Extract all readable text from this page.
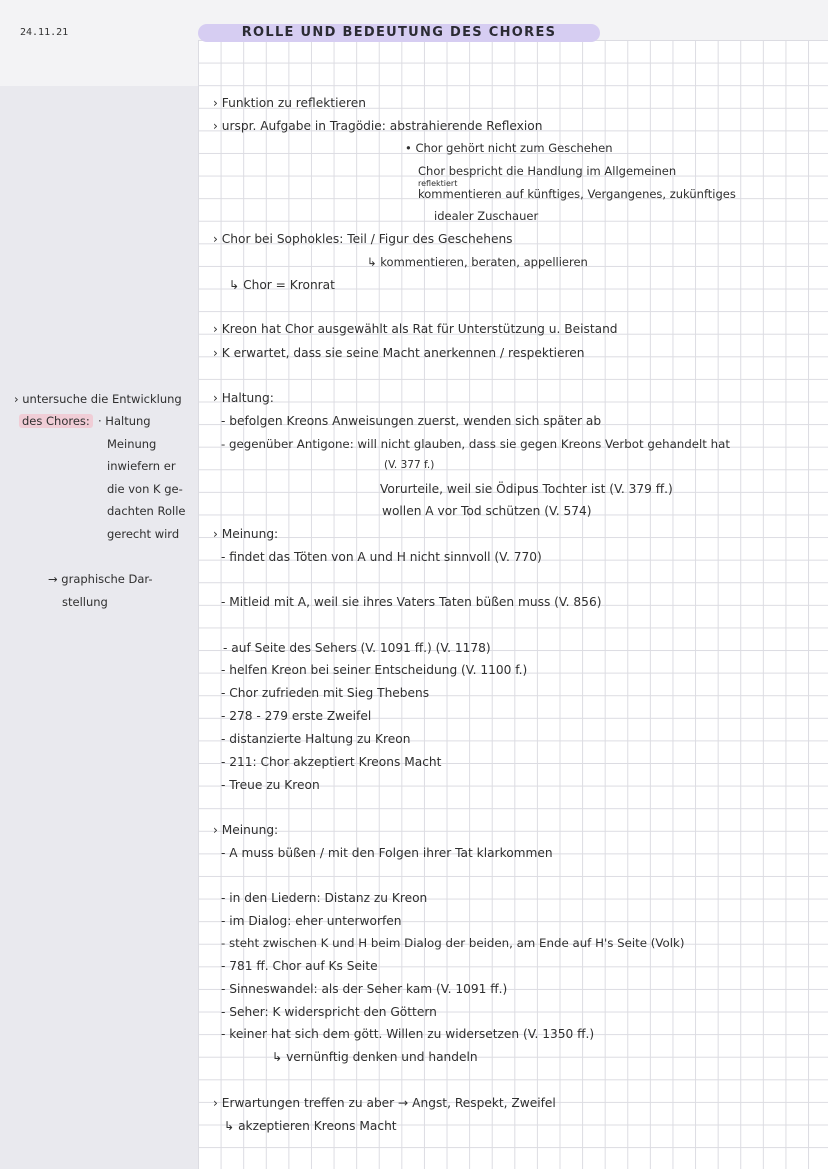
24.11.21	ROLLE UND BEDEUTUNG DES CHORES
› untersuche die Entwicklung
des Chores: · Haltung
Meinung
inwiefern er
die von K ge-
dachten Rolle
gerecht wird
→ graphische Dar-
stellung
› Funktion zu reflektieren
› urspr. Aufgabe in Tragödie: abstrahierende Reflexion
• Chor gehört nicht zum Geschehen
Chor bespricht die Handlung im Allgemeinen
reflektiert
kommentieren auf künftiges, Vergangenes, zukünftiges
idealer Zuschauer
› Chor bei Sophokles: Teil / Figur des Geschehens
↳ kommentieren, beraten, appellieren
↳ Chor = Kronrat
› Kreon hat Chor ausgewählt als Rat für Unterstützung u. Beistand
› K erwartet, dass sie seine Macht anerkennen / respektieren
› Haltung:
- befolgen Kreons Anweisungen zuerst, wenden sich später ab
- gegenüber Antigone: will nicht glauben, dass sie gegen Kreons Verbot gehandelt hat
(V. 377 f.)
Vorurteile, weil sie Ödipus Tochter ist (V. 379 ff.)
wollen A vor Tod schützen (V. 574)
› Meinung:
- findet das Töten von A und H nicht sinnvoll (V. 770)
- Mitleid mit A, weil sie ihres Vaters Taten büßen muss (V. 856)
- auf Seite des Sehers (V. 1091 ff.) (V. 1178)
- helfen Kreon bei seiner Entscheidung (V. 1100 f.)
- Chor zufrieden mit Sieg Thebens
- 278 - 279 erste Zweifel
- distanzierte Haltung zu Kreon
- 211: Chor akzeptiert Kreons Macht
- Treue zu Kreon
› Meinung:
- A muss büßen / mit den Folgen ihrer Tat klarkommen
- in den Liedern: Distanz zu Kreon
- im Dialog: eher unterworfen
- steht zwischen K und H beim Dialog der beiden, am Ende auf H's Seite (Volk)
- 781 ff. Chor auf Ks Seite
- Sinneswandel: als der Seher kam (V. 1091 ff.)
- Seher: K widerspricht den Göttern
- keiner hat sich dem gött. Willen zu widersetzen (V. 1350 ff.)
↳ vernünftig denken und handeln
› Erwartungen treffen zu aber → Angst, Respekt, Zweifel
↳ akzeptieren Kreons Macht
